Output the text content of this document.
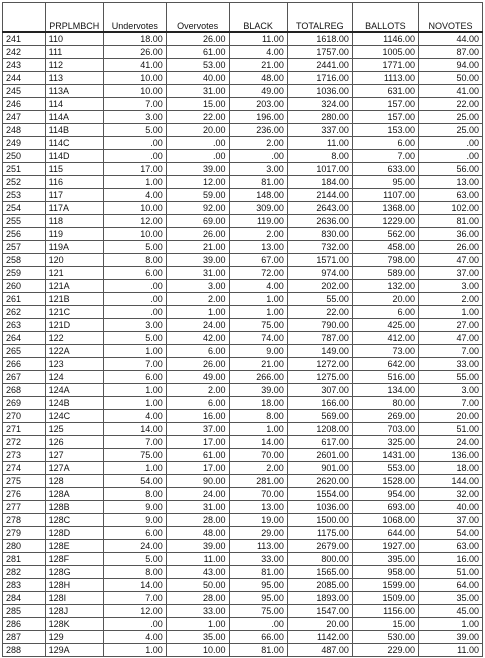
	PRPLMBCH	Undervotes	Overvotes	BLACK	TOTALREG	BALLOTS	NOVOTES
241	110	18.00	26.00	11.00	1618.00	1146.00	44.00
242	111	26.00	61.00	4.00	1757.00	1005.00	87.00
243	112	41.00	53.00	21.00	2441.00	1771.00	94.00
244	113	10.00	40.00	48.00	1716.00	1113.00	50.00
245	113A	10.00	31.00	49.00	1036.00	631.00	41.00
246	114	7.00	15.00	203.00	324.00	157.00	22.00
247	114A	3.00	22.00	196.00	280.00	157.00	25.00
248	114B	5.00	20.00	236.00	337.00	153.00	25.00
249	114C	.00	.00	2.00	11.00	6.00	.00
250	114D	.00	.00	.00	8.00	7.00	.00
251	115	17.00	39.00	3.00	1017.00	633.00	56.00
252	116	1.00	12.00	81.00	184.00	95.00	13.00
253	117	4.00	59.00	148.00	2144.00	1107.00	63.00
254	117A	10.00	92.00	309.00	2643.00	1368.00	102.00
255	118	12.00	69.00	119.00	2636.00	1229.00	81.00
256	119	10.00	26.00	2.00	830.00	562.00	36.00
257	119A	5.00	21.00	13.00	732.00	458.00	26.00
258	120	8.00	39.00	67.00	1571.00	798.00	47.00
259	121	6.00	31.00	72.00	974.00	589.00	37.00
260	121A	.00	3.00	4.00	202.00	132.00	3.00
261	121B	.00	2.00	1.00	55.00	20.00	2.00
262	121C	.00	1.00	1.00	22.00	6.00	1.00
263	121D	3.00	24.00	75.00	790.00	425.00	27.00
264	122	5.00	42.00	74.00	787.00	412.00	47.00
265	122A	1.00	6.00	9.00	149.00	73.00	7.00
266	123	7.00	26.00	21.00	1272.00	642.00	33.00
267	124	6.00	49.00	266.00	1275.00	516.00	55.00
268	124A	1.00	2.00	39.00	307.00	134.00	3.00
269	124B	1.00	6.00	18.00	166.00	80.00	7.00
270	124C	4.00	16.00	8.00	569.00	269.00	20.00
271	125	14.00	37.00	1.00	1208.00	703.00	51.00
272	126	7.00	17.00	14.00	617.00	325.00	24.00
273	127	75.00	61.00	70.00	2601.00	1431.00	136.00
274	127A	1.00	17.00	2.00	901.00	553.00	18.00
275	128	54.00	90.00	281.00	2620.00	1528.00	144.00
276	128A	8.00	24.00	70.00	1554.00	954.00	32.00
277	128B	9.00	31.00	13.00	1036.00	693.00	40.00
278	128C	9.00	28.00	19.00	1500.00	1068.00	37.00
279	128D	6.00	48.00	29.00	1175.00	644.00	54.00
280	128E	24.00	39.00	113.00	2679.00	1927.00	63.00
281	128F	5.00	11.00	33.00	800.00	395.00	16.00
282	128G	8.00	43.00	81.00	1565.00	958.00	51.00
283	128H	14.00	50.00	95.00	2085.00	1599.00	64.00
284	128I	7.00	28.00	95.00	1893.00	1509.00	35.00
285	128J	12.00	33.00	75.00	1547.00	1156.00	45.00
286	128K	.00	1.00	.00	20.00	15.00	1.00
287	129	4.00	35.00	66.00	1142.00	530.00	39.00
288	129A	1.00	10.00	81.00	487.00	229.00	11.00
